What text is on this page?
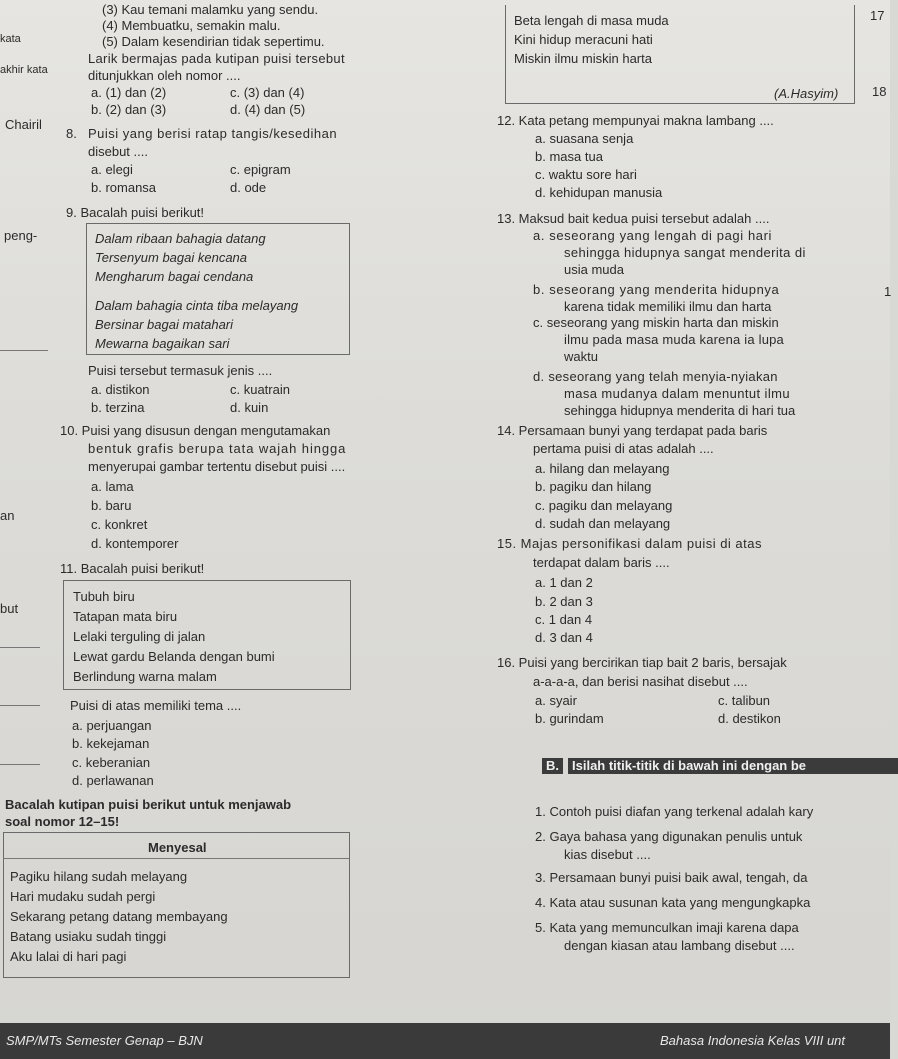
kata
akhir kata
Chairil
peng-
an
but
(3) Kau temani malamku yang sendu.
(4) Membuatku, semakin malu.
(5) Dalam kesendirian tidak sepertimu.
Larik bermajas pada kutipan puisi tersebut
ditunjukkan oleh nomor ....
a. (1) dan (2)
b. (2) dan (3)
c. (3) dan (4)
d. (4) dan (5)
8. Puisi yang berisi ratap tangis/kesedihan
disebut ....
a. elegi
b. romansa
c. epigram
d. ode
9. Bacalah puisi berikut!
Dalam ribaan bahagia datang
Tersenyum bagai kencana
Mengharum bagai cendana
Dalam bahagia cinta tiba melayang
Bersinar bagai matahari
Mewarna bagaikan sari
Puisi tersebut termasuk jenis ....
a. distikon
b. terzina
c. kuatrain
d. kuin
10. Puisi yang disusun dengan mengutamakan
bentuk grafis berupa tata wajah hingga
menyerupai gambar tertentu disebut puisi ....
a. lama
b. baru
c. konkret
d. kontemporer
11. Bacalah puisi berikut!
Tubuh biru
Tatapan mata biru
Lelaki terguling di jalan
Lewat gardu Belanda dengan bumi
Berlindung warna malam
Puisi di atas memiliki tema ....
a. perjuangan
b. kekejaman
c. keberanian
d. perlawanan
Bacalah kutipan puisi berikut untuk menjawab
soal nomor 12–15!
Menyesal
Pagiku hilang sudah melayang
Hari mudaku sudah pergi
Sekarang petang datang membayang
Batang usiaku sudah tinggi
Aku lalai di hari pagi
Beta lengah di masa muda
Kini hidup meracuni hati
Miskin ilmu miskin harta
(A.Hasyim)
17
18
1
12. Kata petang mempunyai makna lambang ....
a. suasana senja
b. masa tua
c. waktu sore hari
d. kehidupan manusia
13. Maksud bait kedua puisi tersebut adalah ....
a. seseorang yang lengah di pagi hari
sehingga hidupnya sangat menderita di
usia muda
b. seseorang yang menderita hidupnya
karena tidak memiliki ilmu dan harta
c. seseorang yang miskin harta dan miskin
ilmu pada masa muda karena ia lupa
waktu
d. seseorang yang telah menyia-nyiakan
masa mudanya dalam menuntut ilmu
sehingga hidupnya menderita di hari tua
14. Persamaan bunyi yang terdapat pada baris
pertama puisi di atas adalah ....
a. hilang dan melayang
b. pagiku dan hilang
c. pagiku dan melayang
d. sudah dan melayang
15. Majas personifikasi dalam puisi di atas
terdapat dalam baris ....
a. 1 dan 2
b. 2 dan 3
c. 1 dan 4
d. 3 dan 4
16. Puisi yang bercirikan tiap bait 2 baris, bersajak
a-a-a-a, dan berisi nasihat disebut ....
a. syair
b. gurindam
c. talibun
d. destikon
B.	Isilah titik-titik di bawah ini dengan be
1. Contoh puisi diafan yang terkenal adalah kary
2. Gaya bahasa yang digunakan penulis untuk
kias disebut ....
3. Persamaan bunyi puisi baik awal, tengah, da
4. Kata atau susunan kata yang mengungkapka
5. Kata yang memunculkan imaji karena dapa
dengan kiasan atau lambang disebut ....
SMP/MTs Semester Genap – BJN	Bahasa Indonesia Kelas VIII unt
